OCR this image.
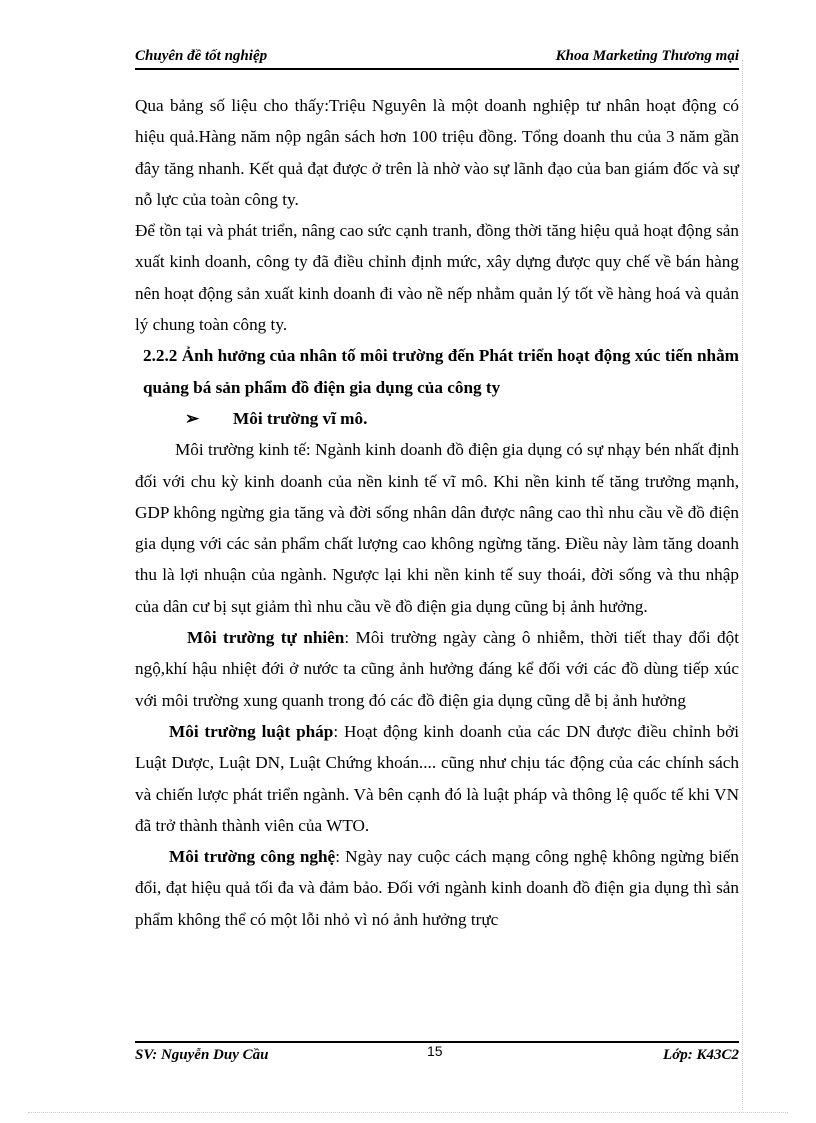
Chuyên đề tốt nghiệp	Khoa Marketing Thương mại

Qua bảng số liệu cho thấy:Triệu Nguyên là một doanh nghiệp tư nhân hoạt động có hiệu quả.Hàng năm nộp ngân sách hơn 100 triệu đồng. Tổng doanh thu của 3 năm gần đây tăng nhanh. Kết quả đạt được ở trên là nhờ vào sự lãnh đạo của ban giám đốc và sự nỗ lực của toàn công ty.

Để tồn tại và phát triển, nâng cao sức cạnh tranh, đồng thời tăng hiệu quả hoạt động sản xuất kinh doanh, công ty đã điều chỉnh định mức, xây dựng được quy chế về bán hàng nên hoạt động sản xuất kinh doanh đi vào nề nếp nhằm quản lý tốt về hàng hoá và quản lý chung toàn công ty.

2.2.2 Ảnh hưởng của nhân tố môi trường đến Phát triển hoạt động xúc tiến nhằm quảng bá sản phẩm đồ điện gia dụng của công ty

➢ Môi trường vĩ mô.

Môi trường kinh tế: Ngành kinh doanh đồ điện gia dụng có sự nhạy bén nhất định đối với chu kỳ kinh doanh của nền kinh tế vĩ mô. Khi nền kinh tế tăng trưởng mạnh, GDP không ngừng gia tăng và đời sống nhân dân được nâng cao thì nhu cầu về đồ điện gia dụng với các sản phẩm chất lượng cao không ngừng tăng. Điều này làm tăng doanh thu là lợi nhuận của ngành. Ngược lại khi nền kinh tế suy thoái, đời sống và thu nhập của dân cư bị sụt giảm thì nhu cầu về đồ điện gia dụng cũng bị ảnh hưởng.

Môi trường tự nhiên: Môi trường ngày càng ô nhiễm, thời tiết thay đổi đột ngộ,khí hậu nhiệt đới ở nước ta cũng ảnh hưởng đáng kể đối với các đồ dùng tiếp xúc với môi trường xung quanh trong đó các đồ điện gia dụng cũng dễ bị ảnh hưởng

Môi trường luật pháp: Hoạt động kinh doanh của các DN được điều chỉnh bởi Luật Dược, Luật DN, Luật Chứng khoán.... cũng như chịu tác động của các chính sách và chiến lược phát triển ngành. Và bên cạnh đó là luật pháp và thông lệ quốc tế khi VN đã trở thành thành viên của WTO.

Môi trường công nghệ: Ngày nay cuộc cách mạng công nghệ không ngừng biến đổi, đạt hiệu quả tối đa và đảm bảo. Đối với ngành kinh doanh đồ điện gia dụng thì sản phẩm không thể có một lỗi nhỏ vì nó ảnh hưởng trực

SV: Nguyễn Duy Cầu	15	Lớp: K43C2
